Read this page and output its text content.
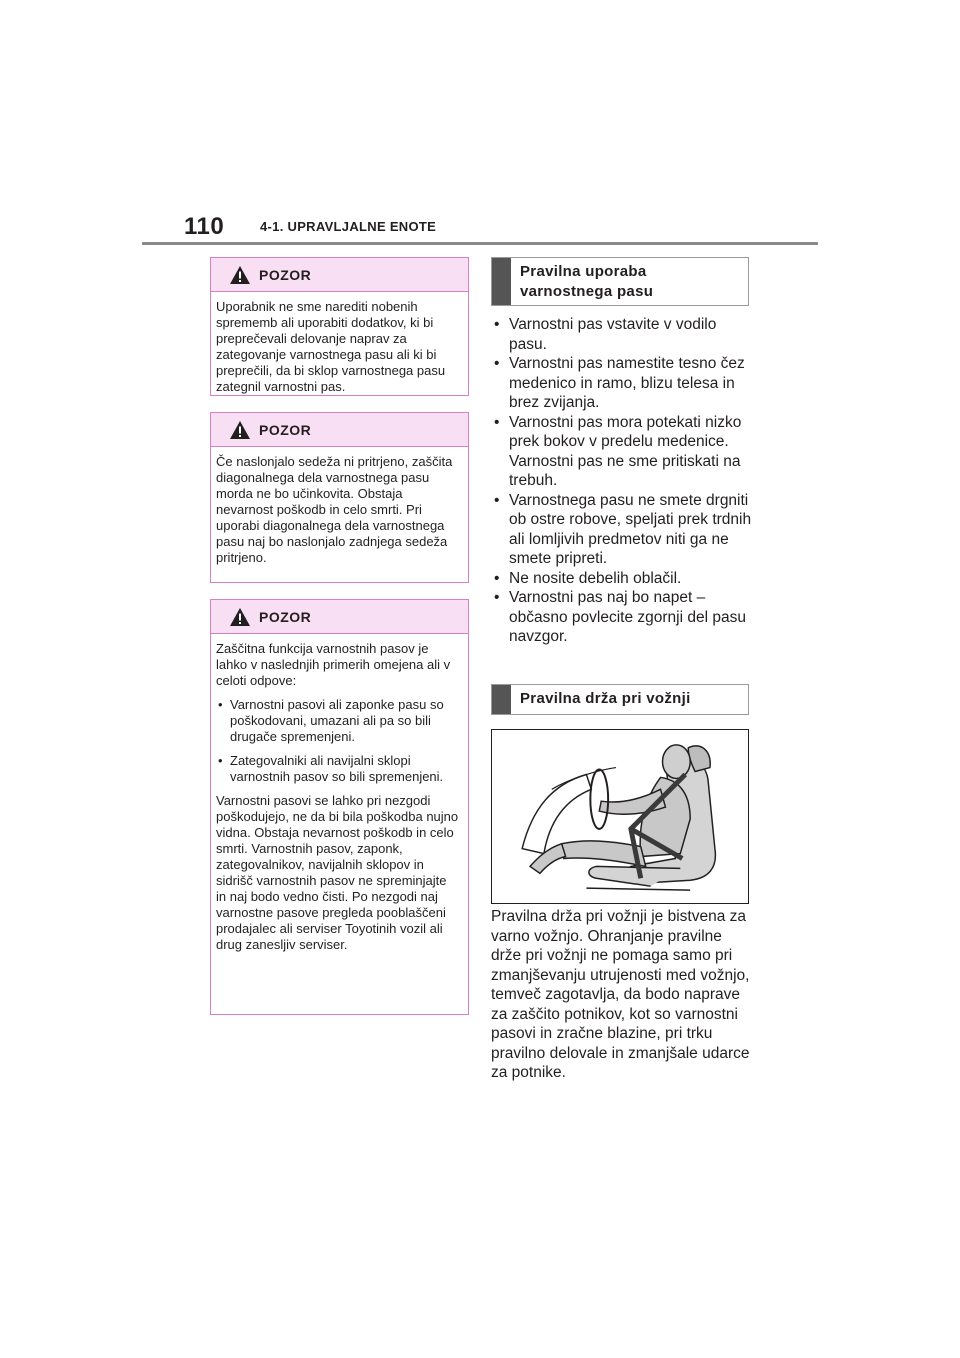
110	4-1. UPRAVLJALNE ENOTE
POZOR

Uporabnik ne sme narediti nobenih sprememb ali uporabiti dodatkov, ki bi preprečevali delovanje naprav za zategovanje varnostnega pasu ali ki bi preprečili, da bi sklop varnostnega pasu zategnil varnostni pas.

POZOR

Če naslonjalo sedeža ni pritrjeno, zaščita diagonalnega dela varnostnega pasu morda ne bo učinkovita. Obstaja nevarnost poškodb in celo smrti. Pri uporabi diagonalnega dela varnostnega pasu naj bo naslonjalo zadnjega sedeža pritrjeno.

POZOR

Zaščitna funkcija varnostnih pasov je lahko v naslednjih primerih omejena ali v celoti odpove:

• Varnostni pasovi ali zaponke pasu so poškodovani, umazani ali pa so bili drugače spremenjeni.
• Zategovalniki ali navijalni sklopi varnostnih pasov so bili spremenjeni.

Varnostni pasovi se lahko pri nezgodi poškodujejo, ne da bi bila poškodba nujno vidna. Obstaja nevarnost poškodb in celo smrti. Varnostnih pasov, zaponk, zategovalnikov, navijalnih sklopov in sidrišč varnostnih pasov ne spreminjajte in naj bodo vedno čisti. Po nezgodi naj varnostne pasove pregleda pooblaščeni prodajalec ali serviser Toyotinih vozil ali drug zanesljiv serviser.

Pravilna uporaba
varnostnega pasu
• Varnostni pas vstavite v vodilo pasu.
• Varnostni pas namestite tesno čez medenico in ramo, blizu telesa in brez zvijanja.
• Varnostni pas mora potekati nizko prek bokov v predelu medenice. Varnostni pas ne sme pritiskati na trebuh.
• Varnostnega pasu ne smete drgniti ob ostre robove, speljati prek trdnih ali lomljivih predmetov niti ga ne smete pripreti.
• Ne nosite debelih oblačil.
• Varnostni pas naj bo napet – občasno povlecite zgornji del pasu navzgor.
Pravilna drža pri vožnji

Pravilna drža pri vožnji je bistvena za varno vožnjo. Ohranjanje pravilne drže pri vožnji ne pomaga samo pri zmanjševanju utrujenosti med vožnjo, temveč zagotavlja, da bodo naprave za zaščito potnikov, kot so varnostni pasovi in zračne blazine, pri trku pravilno delovale in zmanjšale udarce za potnike.
